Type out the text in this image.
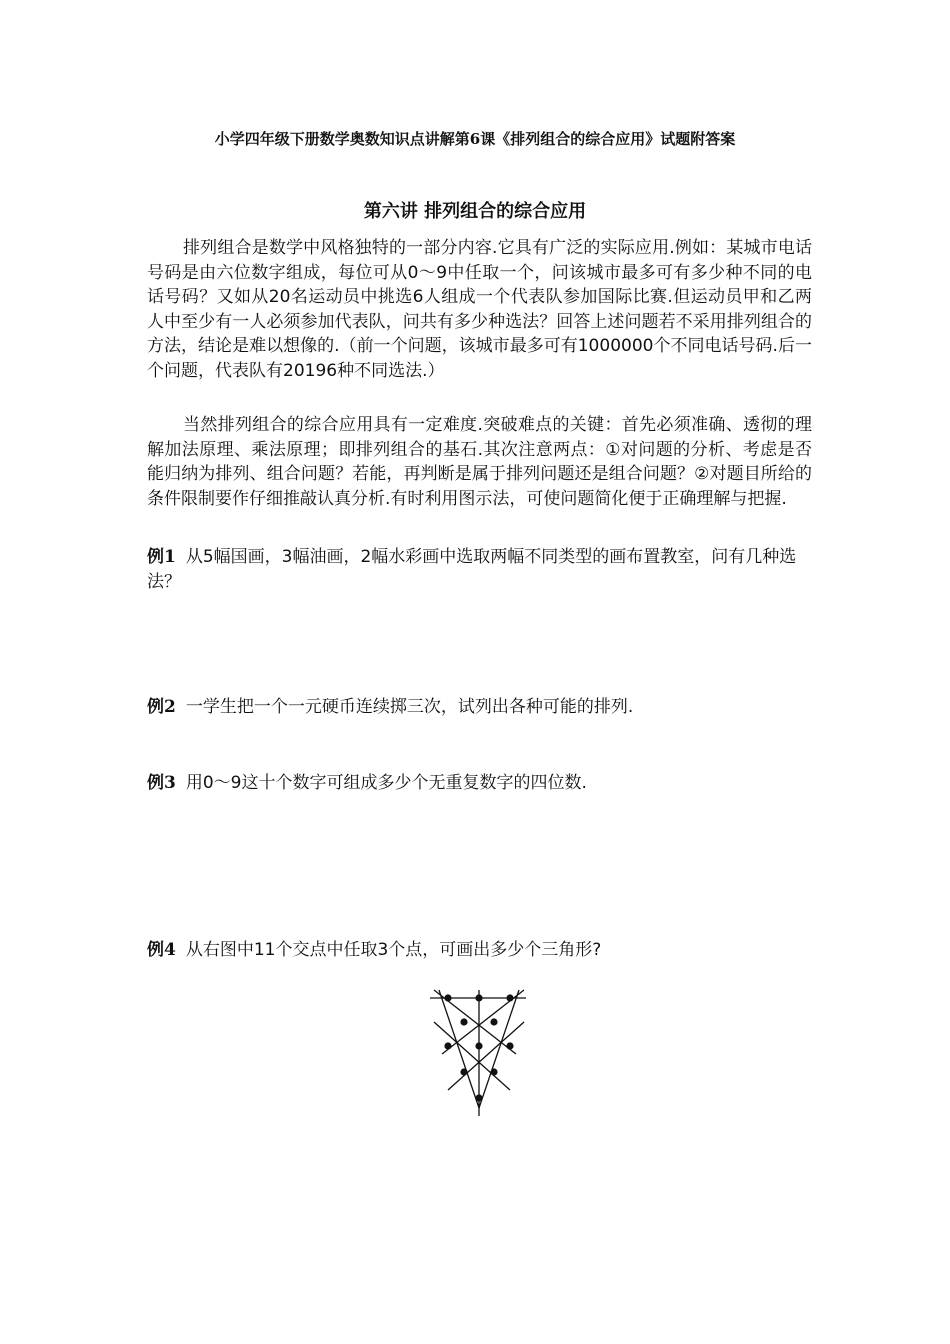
小学四年级下册数学奥数知识点讲解第6课《排列组合的综合应用》试题附答案
第六讲 排列组合的综合应用

排列组合是数学中风格独特的一部分内容.它具有广泛的实际应用.例如：某城市电话号码是由六位数字组成，每位可从0～9中任取一个，问该城市最多可有多少种不同的电话号码？又如从20名运动员中挑选6人组成一个代表队参加国际比赛.但运动员甲和乙两人中至少有一人必须参加代表队，问共有多少种选法？回答上述问题若不采用排列组合的方法，结论是难以想像的.（前一个问题，该城市最多可有1000000个不同电话号码.后一个问题，代表队有20196种不同选法.）

当然排列组合的综合应用具有一定难度.突破难点的关键：首先必须准确、透彻的理解加法原理、乘法原理；即排列组合的基石.其次注意两点：①对问题的分析、考虑是否能归纳为排列、组合问题？若能，再判断是属于排列问题还是组合问题？②对题目所给的条件限制要作仔细推敲认真分析.有时利用图示法，可使问题简化便于正确理解与把握.

例1 从5幅国画，3幅油画，2幅水彩画中选取两幅不同类型的画布置教室，问有几种选法？

例2 一学生把一个一元硬币连续掷三次，试列出各种可能的排列.

例3 用0～9这十个数字可组成多少个无重复数字的四位数.

例4 从右图中11个交点中任取3个点，可画出多少个三角形?
